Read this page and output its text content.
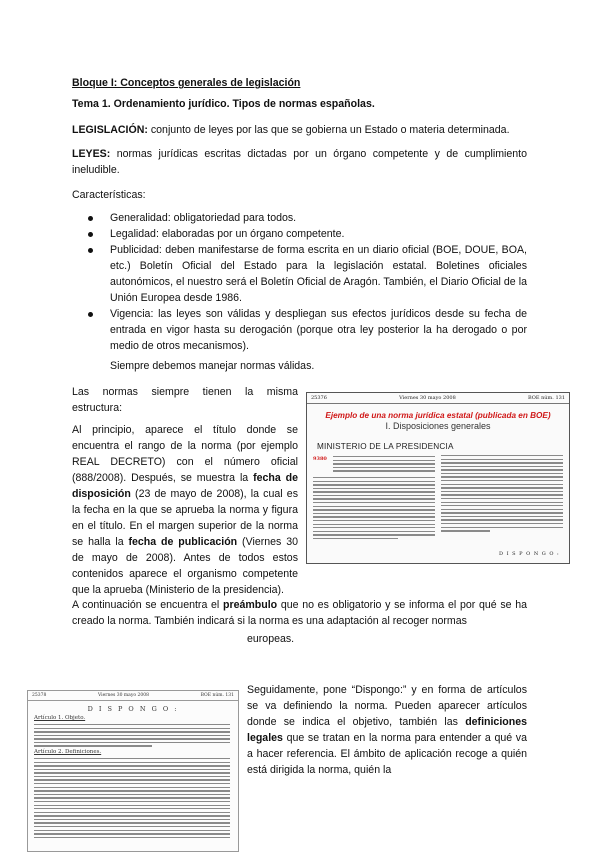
Bloque I: Conceptos generales de legislación

Tema 1. Ordenamiento jurídico. Tipos de normas españolas.

LEGISLACIÓN: conjunto de leyes por las que se gobierna un Estado o materia determinada.

LEYES: normas jurídicas escritas dictadas por un órgano competente y de cumplimiento ineludible.

Características:

Generalidad: obligatoriedad para todos.
Legalidad: elaboradas por un órgano competente.
Publicidad: deben manifestarse de forma escrita en un diario oficial (BOE, DOUE, BOA, etc.) Boletín Oficial del Estado para la legislación estatal. Boletines oficiales autonómicos, el nuestro será el Boletín Oficial de Aragón. También, el Diario Oficial de la Unión Europea desde 1986.
Vigencia: las leyes son válidas y despliegan sus efectos jurídicos desde su fecha de entrada en vigor hasta su derogación (porque otra ley posterior la ha derogado o por medio de otros mecanismos).

Siempre debemos manejar normas válidas.

Las normas siempre tienen la misma estructura:

Al principio, aparece el título donde se encuentra el rango de la norma (por ejemplo REAL DECRETO) con el número oficial (888/2008). Después, se muestra la fecha de disposición (23 de mayo de 2008), la cual es la fecha en la que se aprueba la norma y figura en el título. En el margen superior de la norma se halla la fecha de publicación (Viernes 30 de mayo de 2008). Antes de todos estos contenidos aparece el organismo competente que la aprueba (Ministerio de la presidencia).

25376	Viernes 30 mayo 2008	BOE núm. 131
Ejemplo de una norma jurídica estatal (publicada en BOE)
I. Disposiciones generales
MINISTERIO DE LA PRESIDENCIA
9380
D I S P O N G O :

A continuación se encuentra el preámbulo que no es obligatorio y se informa el por qué se ha creado la norma. También indicará si la norma es una adaptación al recoger normas

europeas.

25378	Viernes 30 mayo 2008	BOE núm. 131
D I S P O N G O :
Artículo 1. Objeto.
Artículo 2. Definiciones.

Seguidamente, pone “Dispongo:” y en forma de artículos se va definiendo la norma. Pueden aparecer artículos donde se indica el objetivo, también las definiciones legales que se tratan en la norma para entender a qué va a hacer referencia. El ámbito de aplicación recoge a quién está dirigida la norma, quién la
